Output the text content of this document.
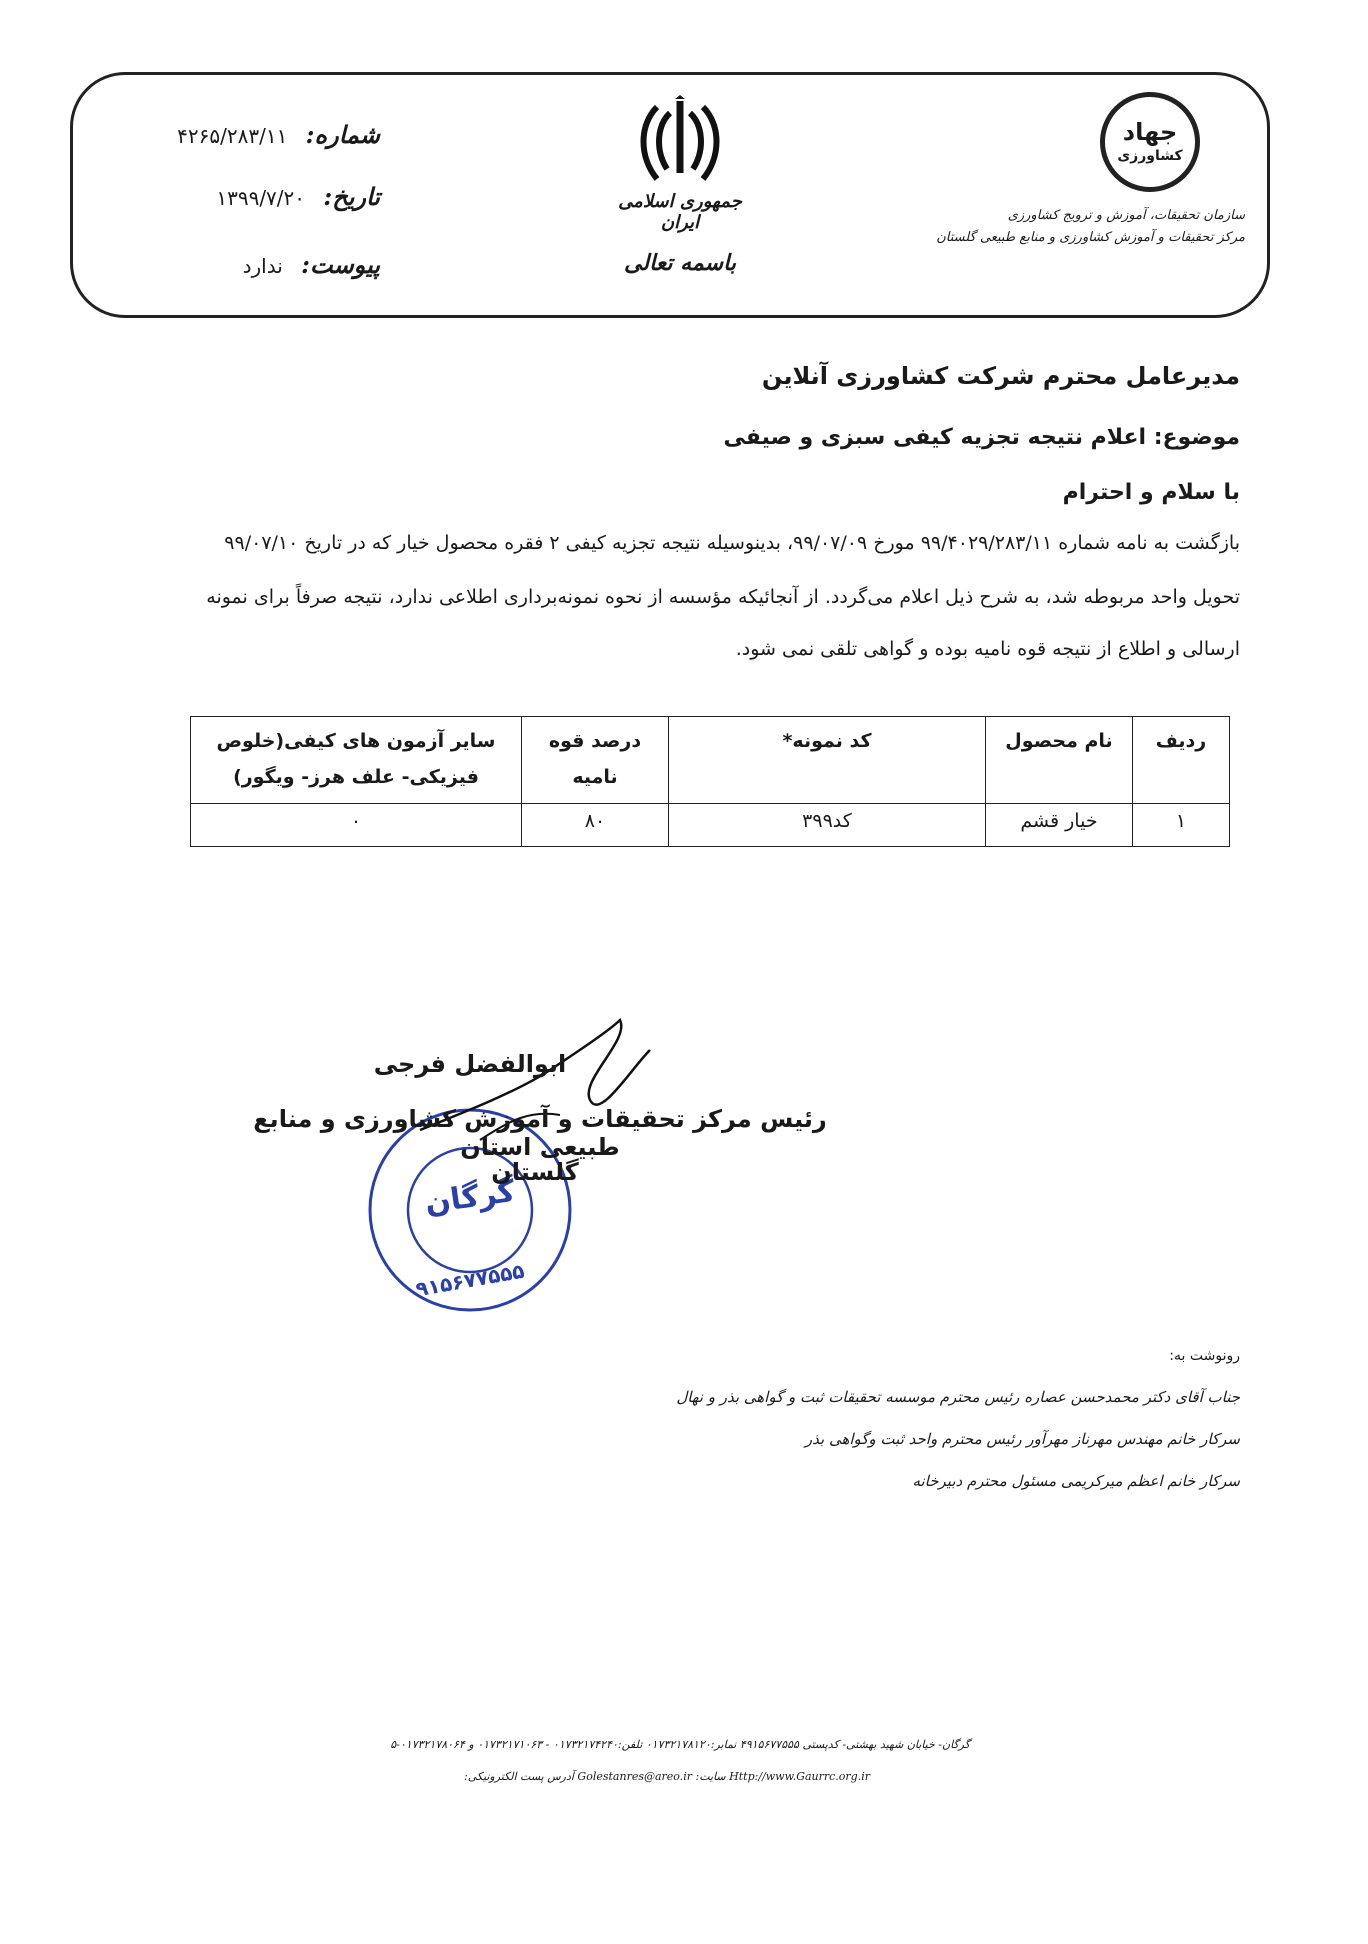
شماره: ۴۲۶۵/۲۸۳/۱۱
تاریخ: ۱۳۹۹/۷/۲۰
پیوست: ندارد
جمهوری اسلامی ایران
باسمه تعالی
جهاد
کشاورزی
سازمان تحقیقات، آموزش و ترویج کشاورزی
مرکز تحقیقات و آموزش کشاورزی و منابع طبیعی گلستان
مدیرعامل محترم شرکت کشاورزی آنلاین
موضوع: اعلام نتیجه تجزیه کیفی سبزی و صیفی
با سلام و احترام
بازگشت به نامه شماره ۹۹/۴۰۲۹/۲۸۳/۱۱ مورخ ۹۹/۰۷/۰۹، بدینوسیله نتیجه تجزیه کیفی ۲ فقره محصول خیار که در تاریخ ۹۹/۰۷/۱۰
تحویل واحد مربوطه شد، به شرح ذیل اعلام می‌گردد. از آنجائیکه مؤسسه از نحوه نمونه‌برداری اطلاعی ندارد، نتیجه صرفاً برای نمونه
ارسالی و اطلاع از نتیجه قوه نامیه بوده و گواهی تلقی نمی شود.
ردیف	نام محصول	کد نمونه*	درصد قوه نامیه	سایر آزمون های کیفی(خلوص فیزیکی- علف هرز- ویگور)
۱	خیار قشم	کد۳۹۹	۸۰	۰
گرگان
۹۱۵۶۷۷۵۵۵
ابوالفضل فرجی
رئیس مرکز تحقیقات و آموزش کشاورزی و منابع طبیعی استان
گلستان
رونوشت به:
جناب آقای دکتر محمدحسن عصاره رئیس محترم موسسه تحقیقات ثبت و گواهی بذر و نهال
سرکار خانم مهندس مهرناز مهرآور رئیس محترم واحد ثبت وگواهی بذر
سرکار خانم اعظم میرکریمی مسئول محترم دبیرخانه
گرگان- خیابان شهید بهشتی- کدپستی ۴۹۱۵۶۷۷۵۵۵ نمابر:۰۱۷۳۲۱۷۸۱۲۰ تلفن:۰۱۷۳۲۱۷۴۲۴۰ - ۰۱۷۳۲۱۷۱۰۶۳ و ۰۱۷۳۲۱۷۸۰۶۴-۵
Http://www.Gaurrc.org.ir سایت: Golestanres@areo.ir آدرس پست الکترونیکی:
